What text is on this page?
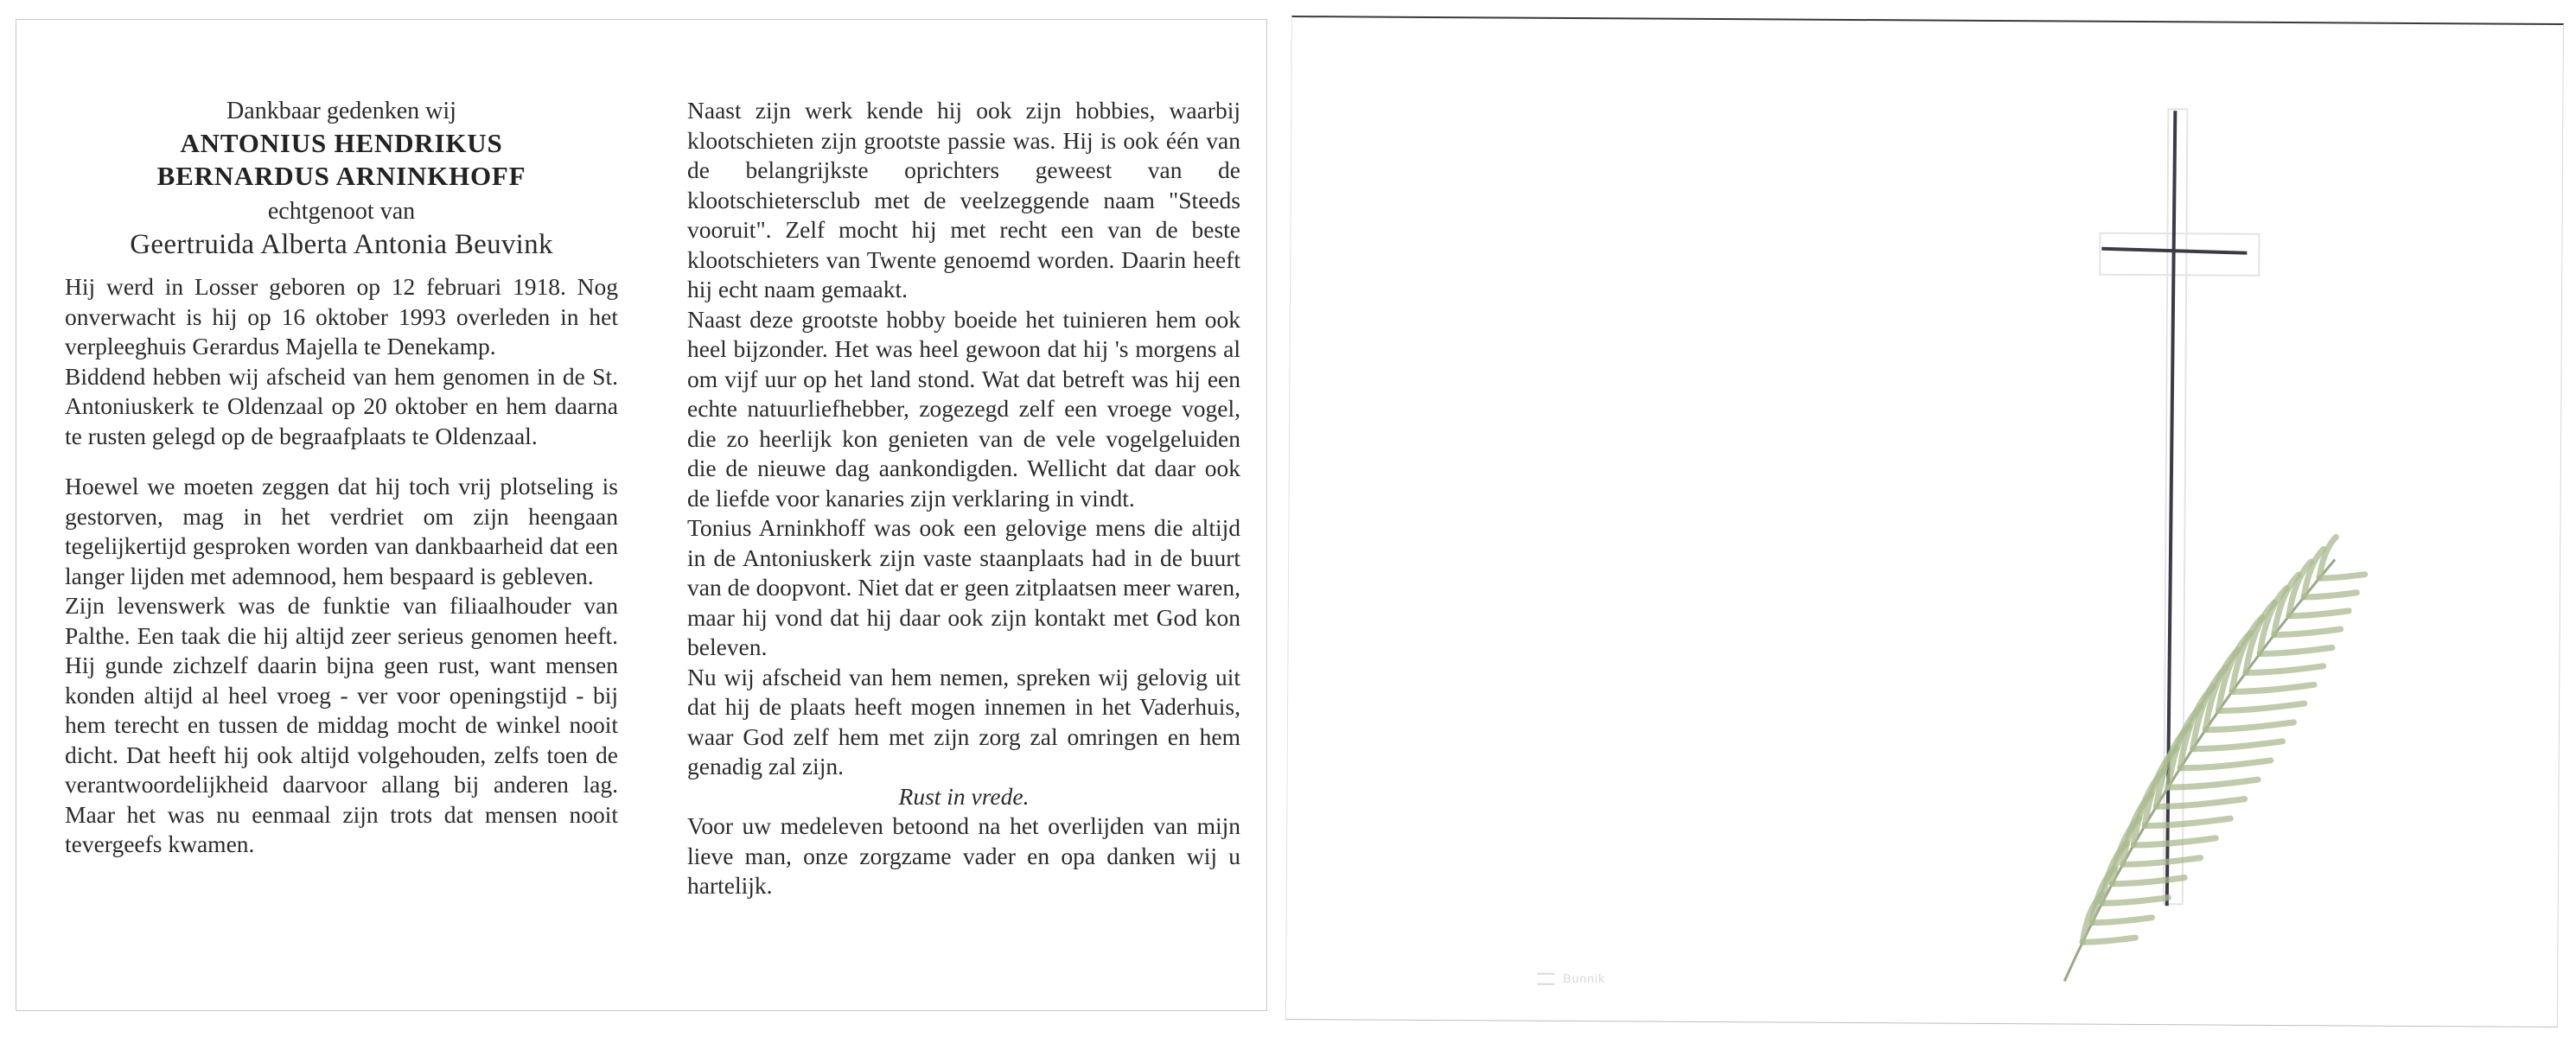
Dankbaar gedenken wij
ANTONIUS HENDRIKUS
BERNARDUS ARNINKHOFF
echtgenoot van
Geertruida Alberta Antonia Beuvink

Hij werd in Losser geboren op 12 februari 1918. Nog onverwacht is hij op 16 oktober 1993 overleden in het verpleeghuis Gerardus Majella te Denekamp.

Biddend hebben wij afscheid van hem genomen in de St. Antoniuskerk te Oldenzaal op 20 oktober en hem daarna te rusten gelegd op de begraafplaats te Oldenzaal.

Hoewel we moeten zeggen dat hij toch vrij plotseling is gestorven, mag in het verdriet om zijn heengaan tegelijkertijd gesproken worden van dankbaarheid dat een langer lijden met ademnood, hem bespaard is gebleven.

Zijn levenswerk was de funktie van filiaalhouder van Palthe. Een taak die hij altijd zeer serieus genomen heeft. Hij gunde zichzelf daarin bijna geen rust, want mensen konden altijd al heel vroeg - ver voor openingstijd - bij hem terecht en tussen de middag mocht de winkel nooit dicht. Dat heeft hij ook altijd volgehouden, zelfs toen de verantwoordelijkheid daarvoor allang bij anderen lag. Maar het was nu eenmaal zijn trots dat mensen nooit tevergeefs kwamen.

Naast zijn werk kende hij ook zijn hobbies, waarbij klootschieten zijn grootste passie was. Hij is ook één van de belangrijkste oprichters geweest van de klootschietersclub met de veelzeggende naam "Steeds vooruit". Zelf mocht hij met recht een van de beste klootschieters van Twente genoemd worden. Daarin heeft hij echt naam gemaakt.

Naast deze grootste hobby boeide het tuinieren hem ook heel bijzonder. Het was heel gewoon dat hij 's morgens al om vijf uur op het land stond. Wat dat betreft was hij een echte natuurliefhebber, zogezegd zelf een vroege vogel, die zo heerlijk kon genieten van de vele vogelgeluiden die de nieuwe dag aankondigden. Wellicht dat daar ook de liefde voor kanaries zijn verklaring in vindt.

Tonius Arninkhoff was ook een gelovige mens die altijd in de Antoniuskerk zijn vaste staanplaats had in de buurt van de doopvont. Niet dat er geen zitplaatsen meer waren, maar hij vond dat hij daar ook zijn kontakt met God kon beleven.

Nu wij afscheid van hem nemen, spreken wij gelovig uit dat hij de plaats heeft mogen innemen in het Vaderhuis, waar God zelf hem met zijn zorg zal omringen en hem genadig zal zijn.

Rust in vrede.

Voor uw medeleven betoond na het overlijden van mijn lieve man, onze zorgzame vader en opa danken wij u hartelijk.

Bunnik
